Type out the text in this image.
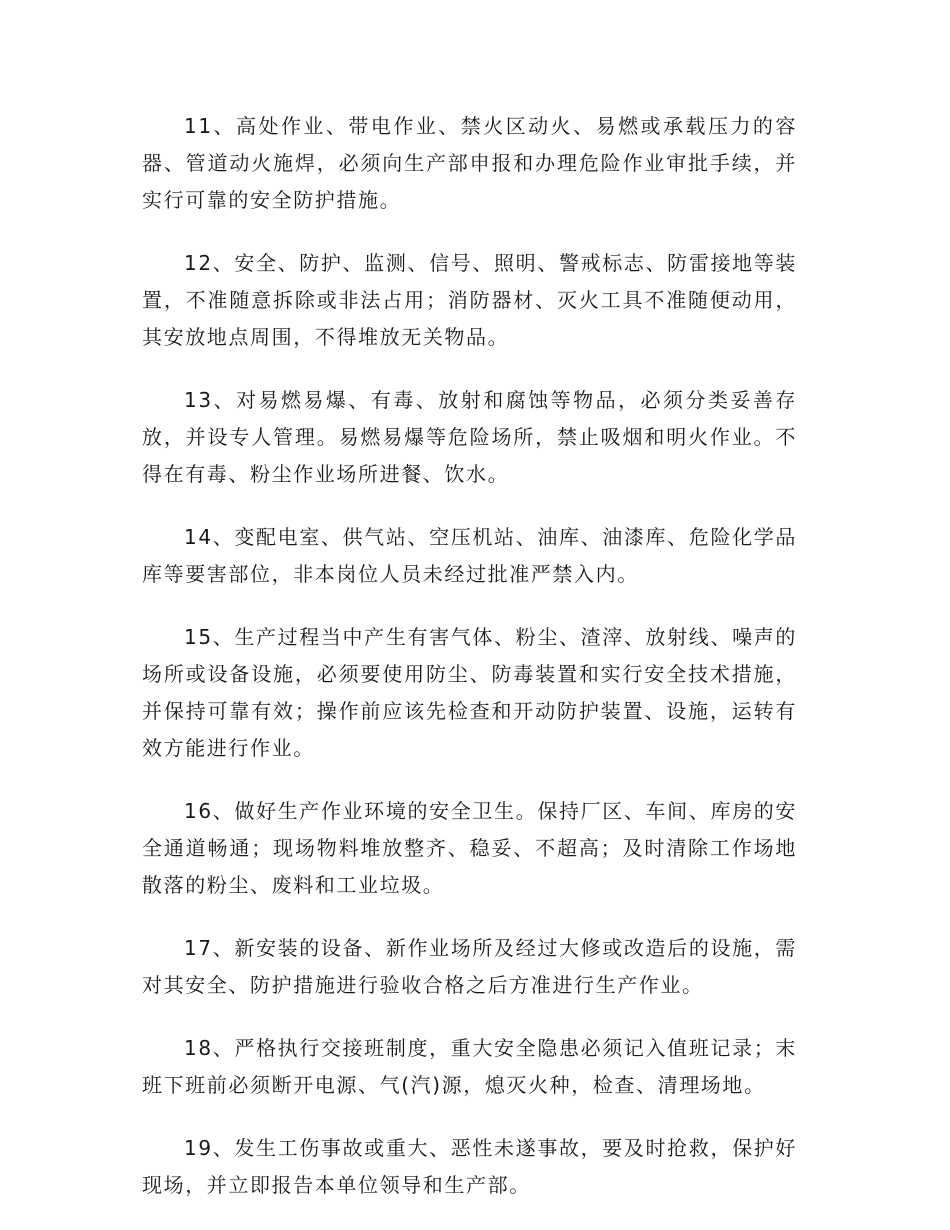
11、高处作业、带电作业、禁火区动火、易燃或承载压力的容器、管道动火施焊，必须向生产部申报和办理危险作业审批手续，并实行可靠的安全防护措施。

12、安全、防护、监测、信号、照明、警戒标志、防雷接地等装置，不准随意拆除或非法占用；消防器材、灭火工具不准随便动用，其安放地点周围，不得堆放无关物品。

13、对易燃易爆、有毒、放射和腐蚀等物品，必须分类妥善存放，并设专人管理。易燃易爆等危险场所，禁止吸烟和明火作业。不得在有毒、粉尘作业场所进餐、饮水。

14、变配电室、供气站、空压机站、油库、油漆库、危险化学品库等要害部位，非本岗位人员未经过批准严禁入内。

15、生产过程当中产生有害气体、粉尘、渣滓、放射线、噪声的场所或设备设施，必须要使用防尘、防毒装置和实行安全技术措施，并保持可靠有效；操作前应该先检查和开动防护装置、设施，运转有效方能进行作业。

16、做好生产作业环境的安全卫生。保持厂区、车间、库房的安全通道畅通；现场物料堆放整齐、稳妥、不超高；及时清除工作场地散落的粉尘、废料和工业垃圾。

17、新安装的设备、新作业场所及经过大修或改造后的设施，需对其安全、防护措施进行验收合格之后方准进行生产作业。

18、严格执行交接班制度，重大安全隐患必须记入值班记录；末班下班前必须断开电源、气(汽)源，熄灭火种，检查、清理场地。

19、发生工伤事故或重大、恶性未遂事故，要及时抢救，保护好现场，并立即报告本单位领导和生产部。
